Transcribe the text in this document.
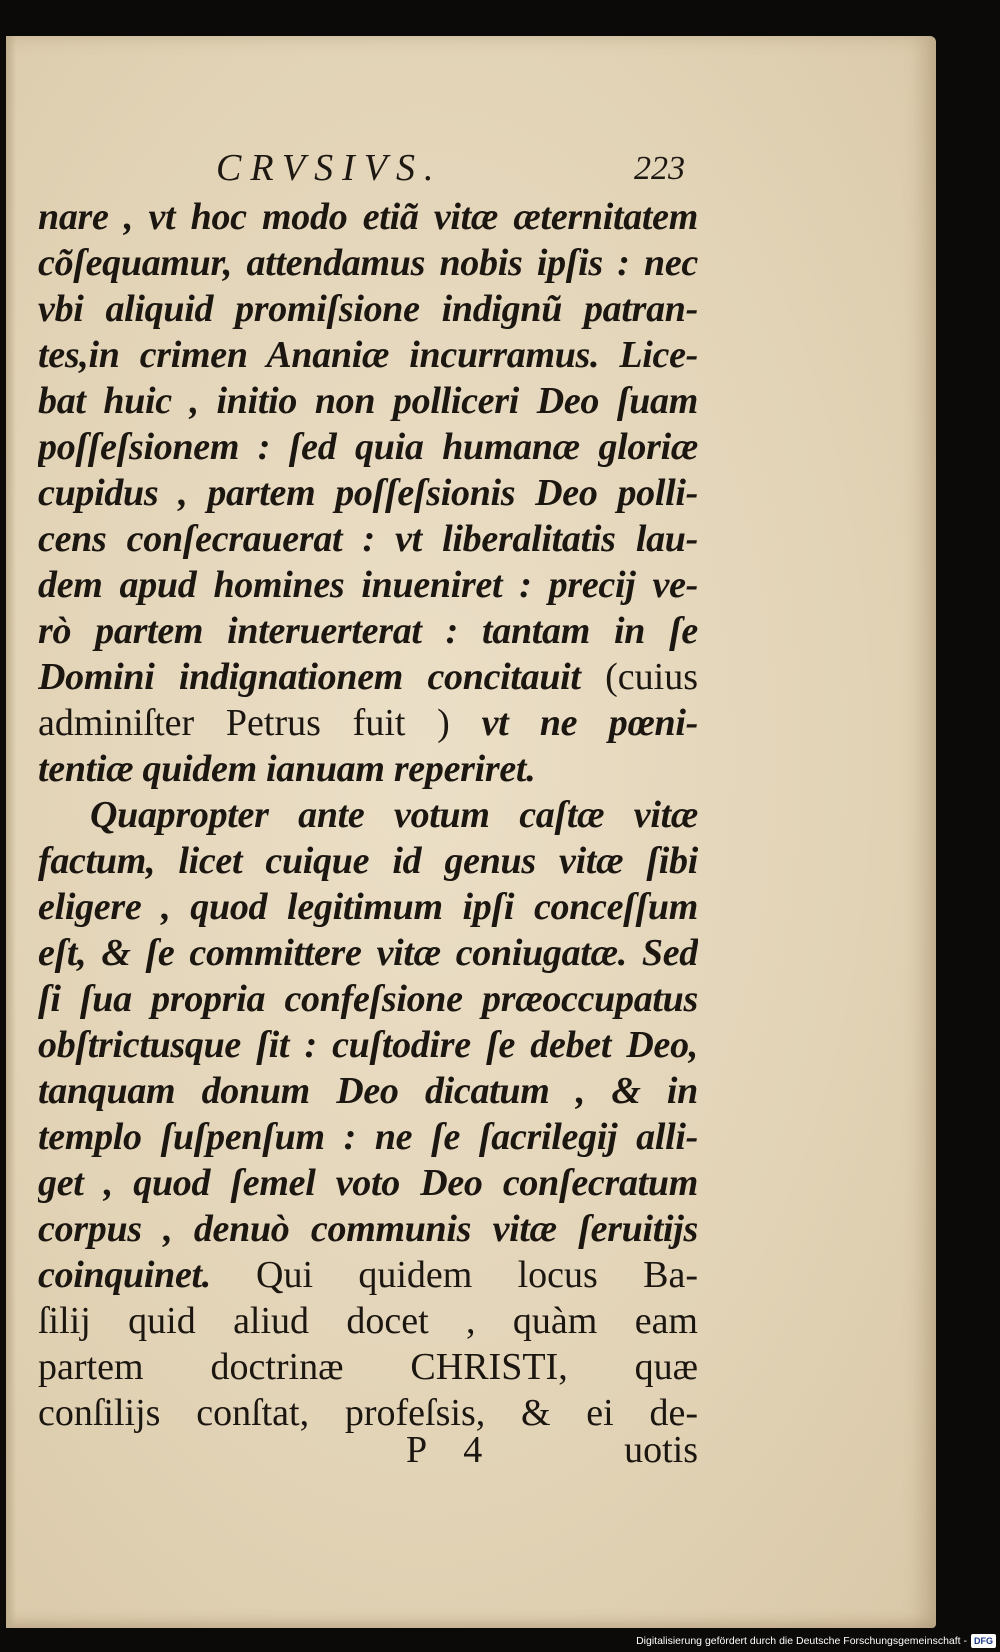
CRVSIVS.	223
nare , vt hoc modo etiã vitæ æternitatem
cõſequamur, attendamus nobis ipſis : nec
vbi aliquid promiſsione indignũ patran-
tes,in crimen Ananiæ incurramus. Lice-
bat huic , initio non polliceri Deo ſuam
poſſeſsionem : ſed quia humanæ gloriæ
cupidus , partem poſſeſsionis Deo polli-
cens conſecrauerat : vt liberalitatis lau-
dem apud homines inueniret : precij ve-
rò partem interuerterat : tantam in ſe
Domini indignationem concitauit (cuius
adminiſter Petrus fuit ) vt ne pœni-
tentiæ quidem ianuam reperiret.
Quapropter ante votum caſtæ vitæ
factum, licet cuique id genus vitæ ſibi
eligere , quod legitimum ipſi conceſſum
eſt, & ſe committere vitæ coniugatæ. Sed
ſi ſua propria confeſsione præoccupatus
obſtrictusque ſit : cuſtodire ſe debet Deo,
tanquam donum Deo dicatum , & in
templo ſuſpenſum : ne ſe ſacrilegij alli-
get , quod ſemel voto Deo conſecratum
corpus , denuò communis vitæ ſeruitijs
coinquinet. Qui quidem locus Ba-
ſilij quid aliud docet , quàm eam
partem doctrinæ CHRISTI, quæ
conſilijs conſtat, profeſsis, & ei de-
P 4	uotis
Digitalisierung gefördert durch die Deutsche Forschungsgemeinschaft - DFG
